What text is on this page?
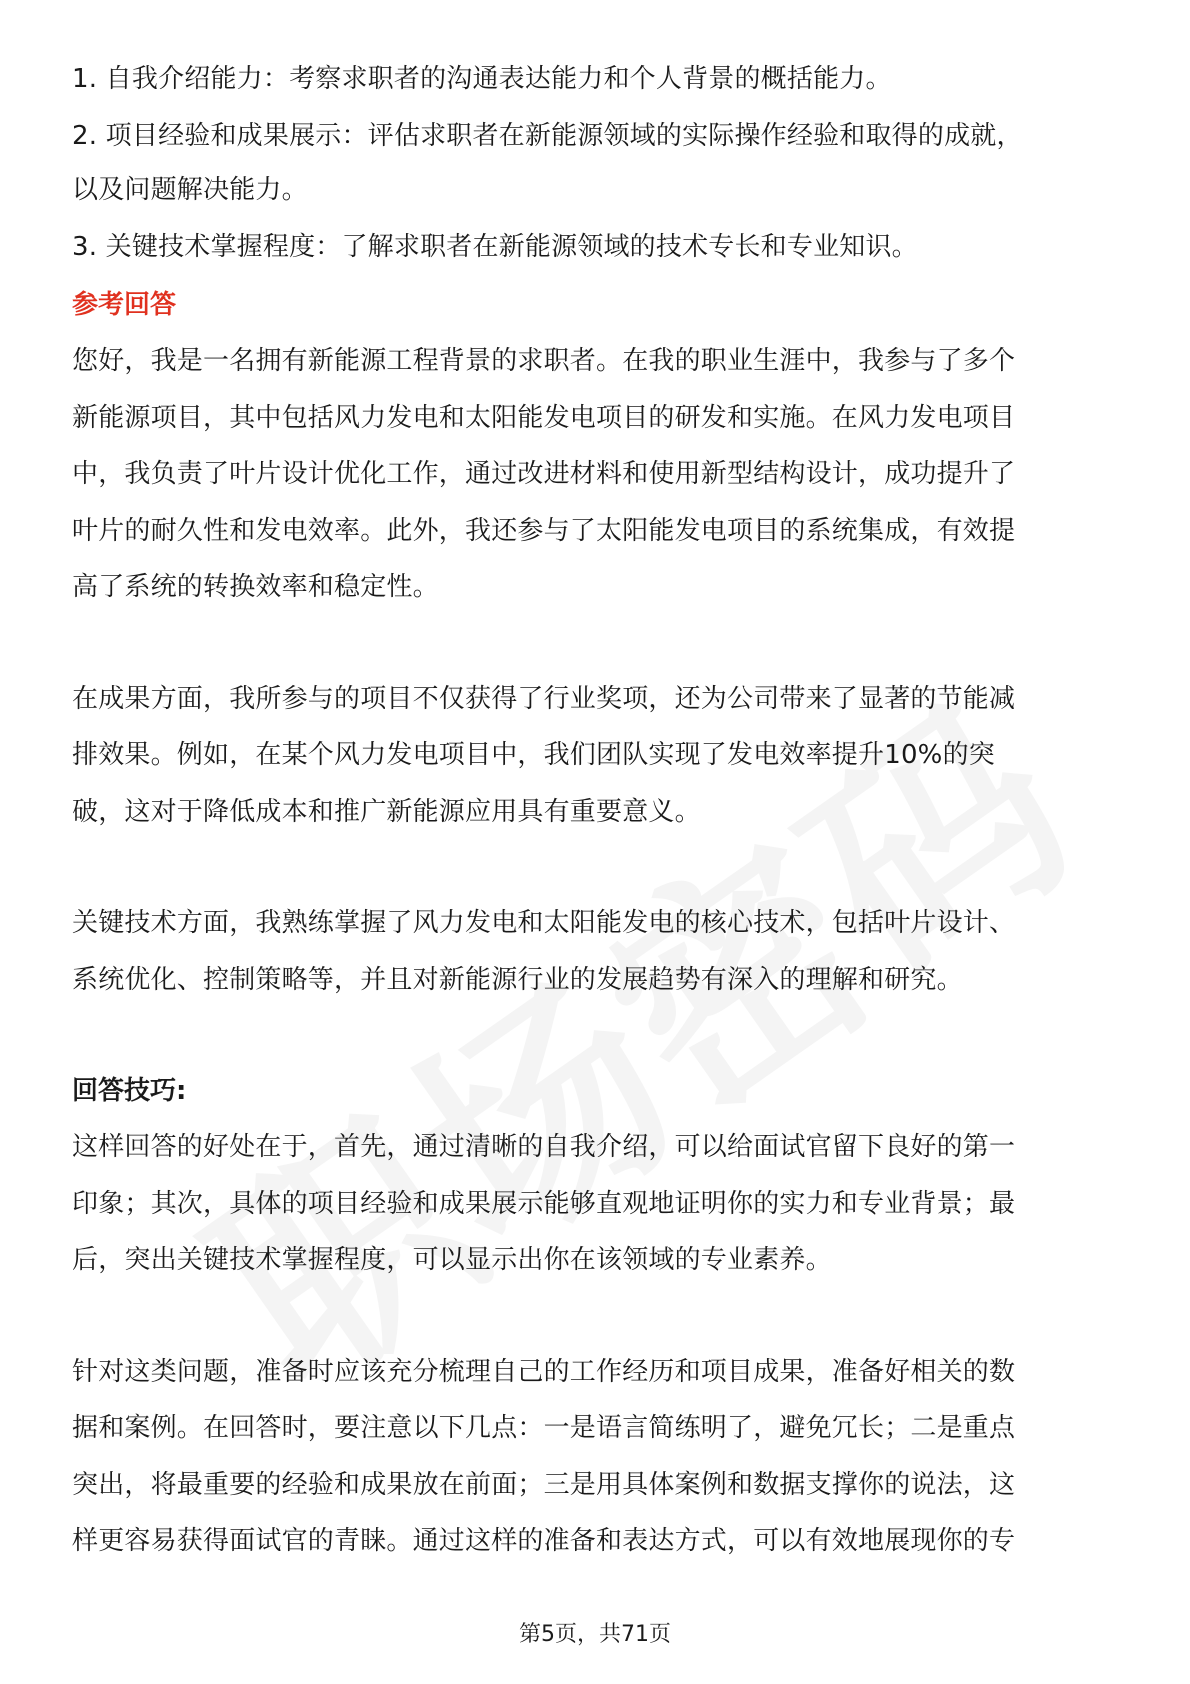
1. 自我介绍能力：考察求职者的沟通表达能力和个人背景的概括能力。

2. 项目经验和成果展示：评估求职者在新能源领域的实际操作经验和取得的成就，

以及问题解决能力。

3. 关键技术掌握程度：了解求职者在新能源领域的技术专长和专业知识。

参考回答

您好，我是一名拥有新能源工程背景的求职者。在我的职业生涯中，我参与了多个

新能源项目，其中包括风力发电和太阳能发电项目的研发和实施。在风力发电项目

中，我负责了叶片设计优化工作，通过改进材料和使用新型结构设计，成功提升了

叶片的耐久性和发电效率。此外，我还参与了太阳能发电项目的系统集成，有效提

高了系统的转换效率和稳定性。

在成果方面，我所参与的项目不仅获得了行业奖项，还为公司带来了显著的节能减

排效果。例如，在某个风力发电项目中，我们团队实现了发电效率提升10%的突

破，这对于降低成本和推广新能源应用具有重要意义。

关键技术方面，我熟练掌握了风力发电和太阳能发电的核心技术，包括叶片设计、

系统优化、控制策略等，并且对新能源行业的发展趋势有深入的理解和研究。

回答技巧:

这样回答的好处在于，首先，通过清晰的自我介绍，可以给面试官留下良好的第一

印象；其次，具体的项目经验和成果展示能够直观地证明你的实力和专业背景；最

后，突出关键技术掌握程度，可以显示出你在该领域的专业素养。

针对这类问题，准备时应该充分梳理自己的工作经历和项目成果，准备好相关的数

据和案例。在回答时，要注意以下几点：一是语言简练明了，避免冗长；二是重点

突出，将最重要的经验和成果放在前面；三是用具体案例和数据支撑你的说法，这

样更容易获得面试官的青睐。通过这样的准备和表达方式，可以有效地展现你的专

第5页，共71页
